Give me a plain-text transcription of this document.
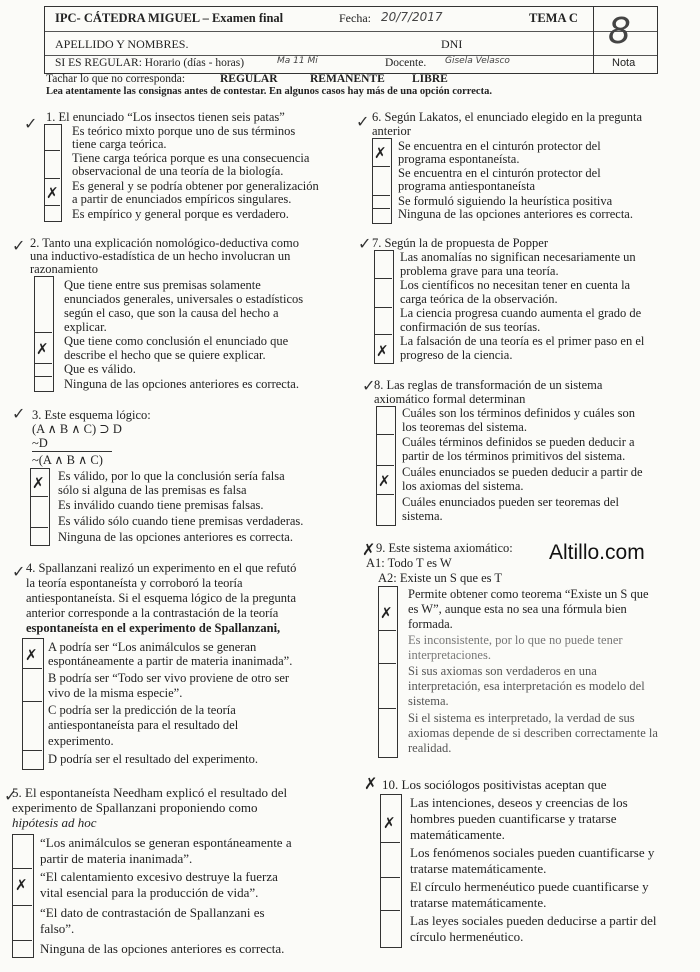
IPC- CÁTEDRA MIGUEL – Examen final	Fecha: 20/7/2017	TEMA C
APELLIDO Y NOMBRES.	DNI
SI ES REGULAR: Horario (días - horas)	Ma 11 Mi	Docente. Gisela Velasco
8
Nota
Tachar lo que no corresponda:	REGULAR	REMANENTE LIBRE
Lea atentamente las consignas antes de contestar. En algunos casos hay más de una opción correcta.
✓ 1. El enunciado “Los insectos tienen seis patas”
✗
Es teórico mixto porque uno de sus términos
tiene carga teórica.
Tiene carga teórica porque es una consecuencia
observacional de una teoría de la biología.
Es general y se podría obtener por generalización
a partir de enunciados empíricos singulares.
Es empírico y general porque es verdadero.
✓ 2. Tanto una explicación nomológico-deductiva como
una inductivo-estadística de un hecho involucran un
razonamiento
✗
Que tiene entre sus premisas solamente
enunciados generales, universales o estadísticos
según el caso, que son la causa del hecho a
explicar.
Que tiene como conclusión el enunciado que
describe el hecho que se quiere explicar.
Que es válido.
Ninguna de las opciones anteriores es correcta.
✓ 3. Este esquema lógico:
(A ∧ B ∧ C) ⊃ D
~D
~(A ∧ B ∧ C)
✗ Es válido, por lo que la conclusión sería falsa
sólo si alguna de las premisas es falsa
Es inválido cuando tiene premisas falsas.
Es válido sólo cuando tiene premisas verdaderas.
Ninguna de las opciones anteriores es correcta.
✓ 4. Spallanzani realizó un experimento en el que refutó
la teoría espontaneísta y corroboró la teoría
antiespontaneísta. Si el esquema lógico de la pregunta
anterior corresponde a la contrastación de la teoría
espontaneísta en el experimento de Spallanzani,
✗ A podría ser “Los animálculos se generan
espontáneamente a partir de materia inanimada”.
B podría ser “Todo ser vivo proviene de otro ser
vivo de la misma especie”.
C podría ser la predicción de la teoría
antiespontaneísta para el resultado del
experimento.
D podría ser el resultado del experimento.
✓
5. El espontaneísta Needham explicó el resultado del
experimento de Spallanzani proponiendo como
hipótesis ad hoc
✗
“Los animálculos se generan espontáneamente a
partir de materia inanimada”.
“El calentamiento excesivo destruye la fuerza
vital esencial para la producción de vida”.
“El dato de contrastación de Spallanzani es
falso”.
Ninguna de las opciones anteriores es correcta.
✓ 6. Según Lakatos, el enunciado elegido en la pregunta
anterior
✗ Se encuentra en el cinturón protector del
programa espontaneísta.
Se encuentra en el cinturón protector del
programa antiespontaneísta
Se formuló siguiendo la heurística positiva
Ninguna de las opciones anteriores es correcta.
✓ 7. Según la de propuesta de Popper
✗
Las anomalías no significan necesariamente un
problema grave para una teoría.
Los científicos no necesitan tener en cuenta la
carga teórica de la observación.
La ciencia progresa cuando aumenta el grado de
confirmación de sus teorías.
La falsación de una teoría es el primer paso en el
progreso de la ciencia.
✓
8. Las reglas de transformación de un sistema
axiomático formal determinan
✗
Cuáles son los términos definidos y cuáles son
los teoremas del sistema.
Cuáles términos definidos se pueden deducir a
partir de los términos primitivos del sistema.
Cuáles enunciados se pueden deducir a partir de
los axiomas del sistema.
Cuáles enunciados pueden ser teoremas del
sistema.
Altillo.com
✗ 9. Este sistema axiomático:
A1: Todo T es W
A2: Existe un S que es T
✗
Permite obtener como teorema “Existe un S que
es W”, aunque esta no sea una fórmula bien
formada.
Es inconsistente, por lo que no puede tener
interpretaciones.
Si sus axiomas son verdaderos en una
interpretación, esa interpretación es modelo del
sistema.
Si el sistema es interpretado, la verdad de sus
axiomas depende de si describen correctamente la
realidad.
✗ 10. Los sociólogos positivistas aceptan que
✗
Las intenciones, deseos y creencias de los
hombres pueden cuantificarse y tratarse
matemáticamente.
Los fenómenos sociales pueden cuantificarse y
tratarse matemáticamente.
El círculo hermenéutico puede cuantificarse y
tratarse matemáticamente.
Las leyes sociales pueden deducirse a partir del
círculo hermenéutico.
